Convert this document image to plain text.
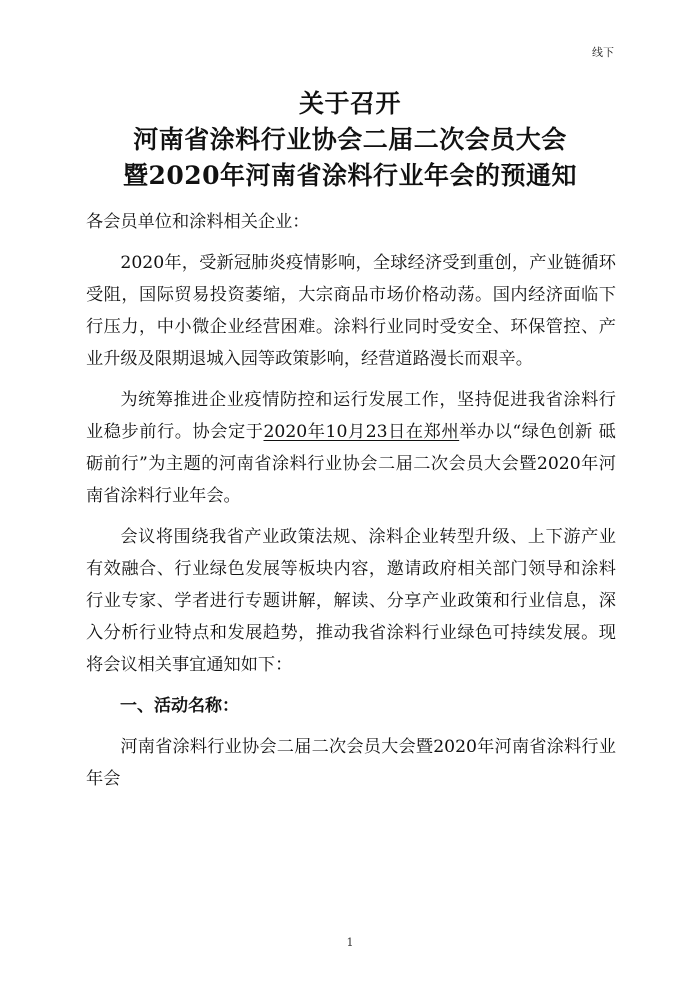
线下
关于召开
河南省涂料行业协会二届二次会员大会
暨2020年河南省涂料行业年会的预通知

各会员单位和涂料相关企业：

2020年，受新冠肺炎疫情影响，全球经济受到重创，产业链循环受阻，国际贸易投资萎缩，大宗商品市场价格动荡。国内经济面临下行压力，中小微企业经营困难。涂料行业同时受安全、环保管控、产业升级及限期退城入园等政策影响，经营道路漫长而艰辛。

为统筹推进企业疫情防控和运行发展工作，坚持促进我省涂料行业稳步前行。协会定于2020年10月23日在郑州举办以“绿色创新 砥砺前行”为主题的河南省涂料行业协会二届二次会员大会暨2020年河南省涂料行业年会。

会议将围绕我省产业政策法规、涂料企业转型升级、上下游产业有效融合、行业绿色发展等板块内容，邀请政府相关部门领导和涂料行业专家、学者进行专题讲解，解读、分享产业政策和行业信息，深入分析行业特点和发展趋势，推动我省涂料行业绿色可持续发展。现将会议相关事宜通知如下：

一、活动名称：

河南省涂料行业协会二届二次会员大会暨2020年河南省涂料行业年会

1
